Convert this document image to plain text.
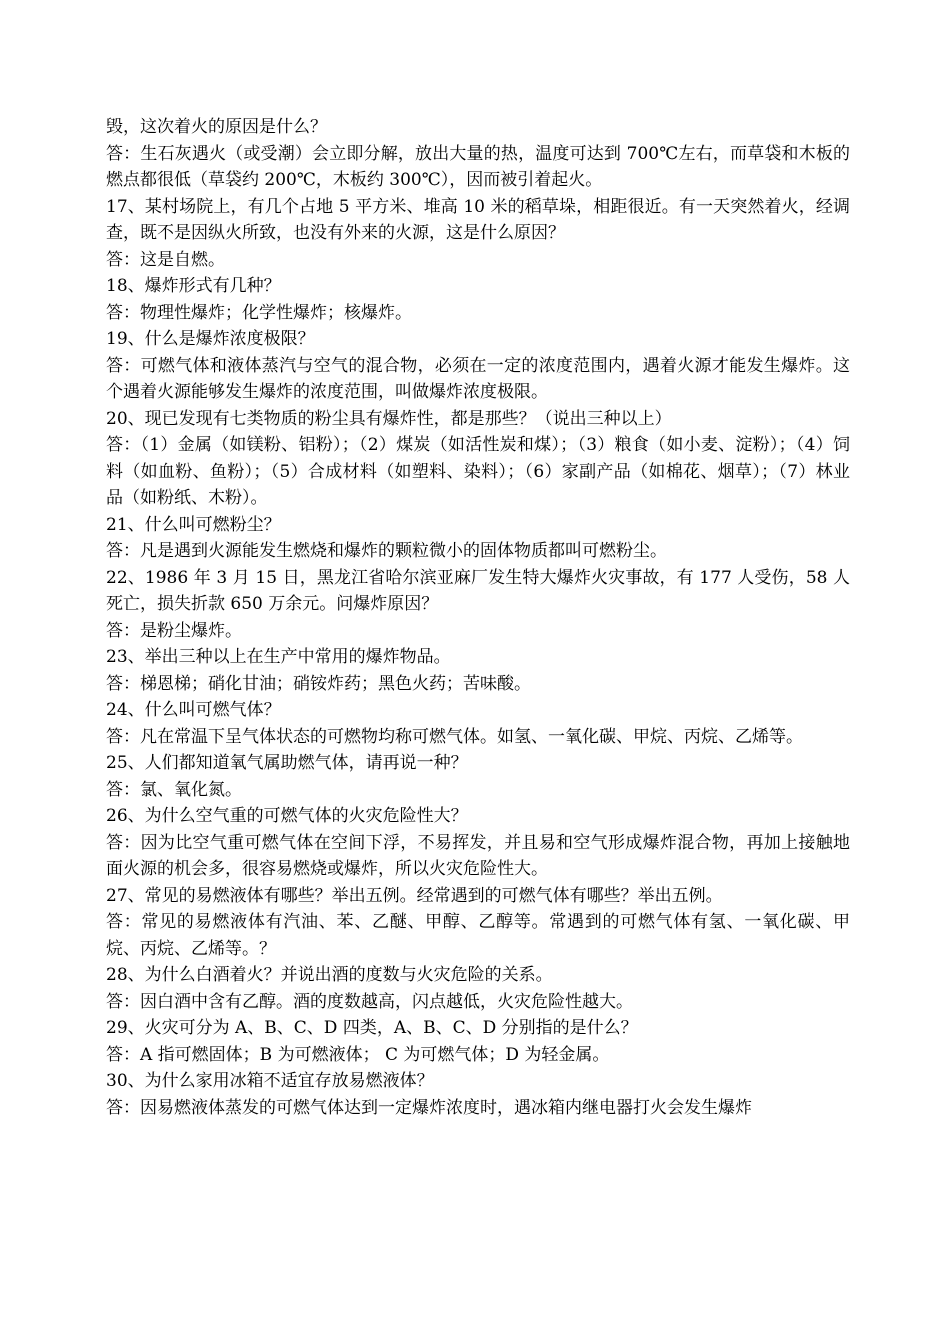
毁，这次着火的原因是什么？

答：生石灰遇火（或受潮）会立即分解，放出大量的热，温度可达到 700℃左右，而草袋和木板的燃点都很低（草袋约 200℃，木板约 300℃），因而被引着起火。

17、某村场院上，有几个占地 5 平方米、堆高 10 米的稻草垛，相距很近。有一天突然着火，经调查，既不是因纵火所致，也没有外来的火源，这是什么原因？

答：这是自燃。

18、爆炸形式有几种？

答：物理性爆炸；化学性爆炸；核爆炸。

19、什么是爆炸浓度极限？

答：可燃气体和液体蒸汽与空气的混合物，必须在一定的浓度范围内，遇着火源才能发生爆炸。这个遇着火源能够发生爆炸的浓度范围，叫做爆炸浓度极限。

20、现已发现有七类物质的粉尘具有爆炸性，都是那些？（说出三种以上）

答：（1）金属（如镁粉、铝粉）；（2）煤炭（如活性炭和煤）；（3）粮食（如小麦、淀粉）；（4）饲料（如血粉、鱼粉）；（5）合成材料（如塑料、染料）；（6）家副产品（如棉花、烟草）；（7）林业品（如粉纸、木粉）。

21、什么叫可燃粉尘？

答：凡是遇到火源能发生燃烧和爆炸的颗粒微小的固体物质都叫可燃粉尘。

22、1986 年 3 月 15 日，黑龙江省哈尔滨亚麻厂发生特大爆炸火灾事故，有 177 人受伤，58 人死亡，损失折款 650 万余元。问爆炸原因？

答：是粉尘爆炸。

23、举出三种以上在生产中常用的爆炸物品。

答：梯恩梯；硝化甘油；硝铵炸药；黑色火药；苦味酸。

24、什么叫可燃气体？

答：凡在常温下呈气体状态的可燃物均称可燃气体。如氢、一氧化碳、甲烷、丙烷、乙烯等。

25、人们都知道氧气属助燃气体，请再说一种？

答：氯、氧化氮。

26、为什么空气重的可燃气体的火灾危险性大？

答：因为比空气重可燃气体在空间下浮，不易挥发，并且易和空气形成爆炸混合物，再加上接触地面火源的机会多，很容易燃烧或爆炸，所以火灾危险性大。

27、常见的易燃液体有哪些？举出五例。经常遇到的可燃气体有哪些？举出五例。

答：常见的易燃液体有汽油、苯、乙醚、甲醇、乙醇等。常遇到的可燃气体有氢、一氧化碳、甲烷、丙烷、乙烯等。？

28、为什么白酒着火？并说出酒的度数与火灾危险的关系。

答：因白酒中含有乙醇。酒的度数越高，闪点越低，火灾危险性越大。

29、火灾可分为 A、B、C、D 四类，A、B、C、D 分别指的是什么？

答：A 指可燃固体；B 为可燃液体； C 为可燃气体；D 为轻金属。

30、为什么家用冰箱不适宜存放易燃液体？

答：因易燃液体蒸发的可燃气体达到一定爆炸浓度时，遇冰箱内继电器打火会发生爆炸
